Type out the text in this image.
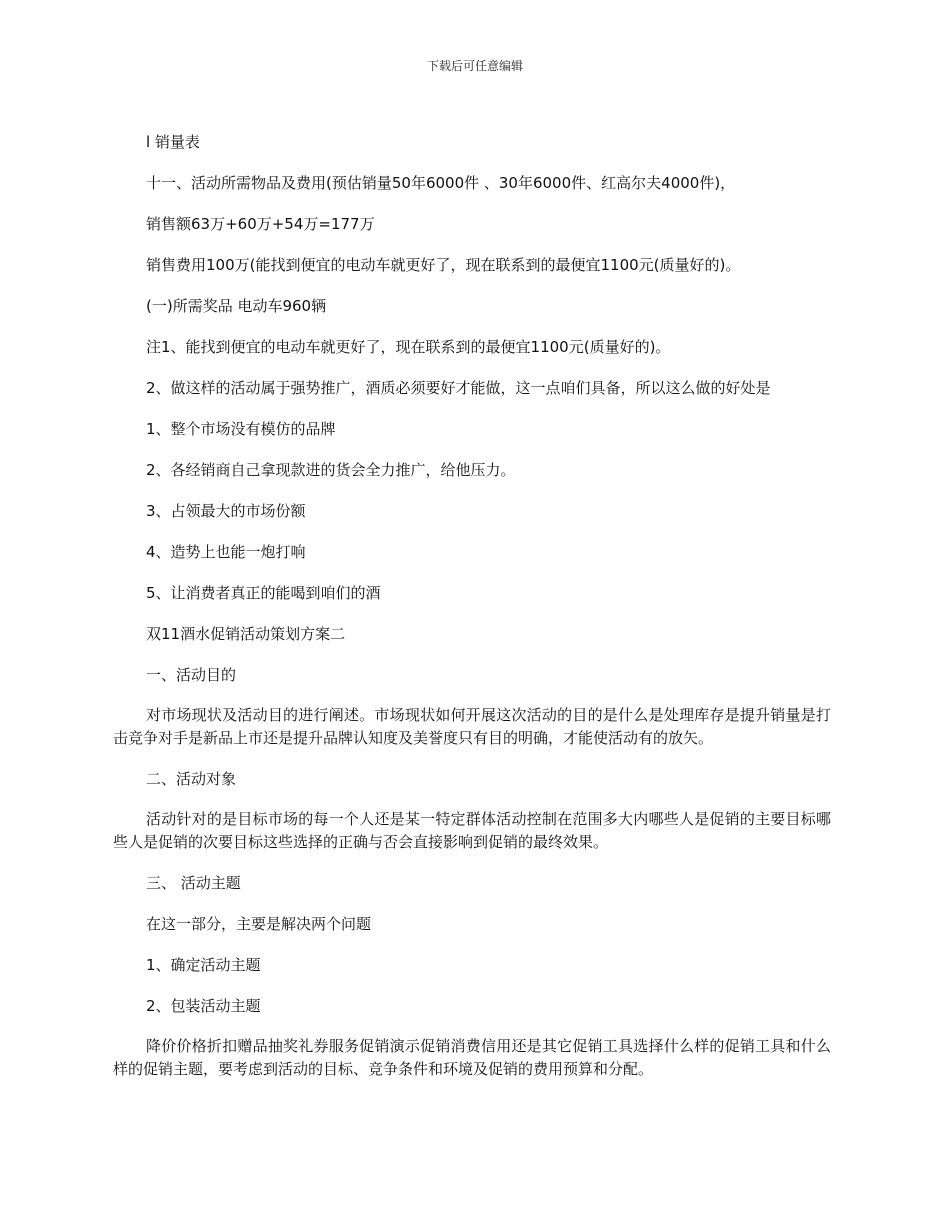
下载后可任意编辑

l 销量表

十一、活动所需物品及费用(预估销量50年6000件 、30年6000件、红高尔夫4000件)，

销售额63万+60万+54万=177万

销售费用100万(能找到便宜的电动车就更好了，现在联系到的最便宜1100元(质量好的)。

(一)所需奖品 电动车960辆

注1、能找到便宜的电动车就更好了，现在联系到的最便宜1100元(质量好的)。

2、做这样的活动属于强势推广，酒质必须要好才能做，这一点咱们具备，所以这么做的好处是

1、整个市场没有模仿的品牌

2、各经销商自己拿现款进的货会全力推广，给他压力。

3、占领最大的市场份额

4、造势上也能一炮打响

5、让消费者真正的能喝到咱们的酒

双11酒水促销活动策划方案二

一、活动目的

对市场现状及活动目的进行阐述。市场现状如何开展这次活动的目的是什么是处理库存是提升销量是打击竞争对手是新品上市还是提升品牌认知度及美誉度只有目的明确，才能使活动有的放矢。

二、活动对象

活动针对的是目标市场的每一个人还是某一特定群体活动控制在范围多大内哪些人是促销的主要目标哪些人是促销的次要目标这些选择的正确与否会直接影响到促销的最终效果。

三、 活动主题

在这一部分，主要是解决两个问题

1、确定活动主题

2、包装活动主题

降价价格折扣赠品抽奖礼券服务促销演示促销消费信用还是其它促销工具选择什么样的促销工具和什么样的促销主题，要考虑到活动的目标、竞争条件和环境及促销的费用预算和分配。
